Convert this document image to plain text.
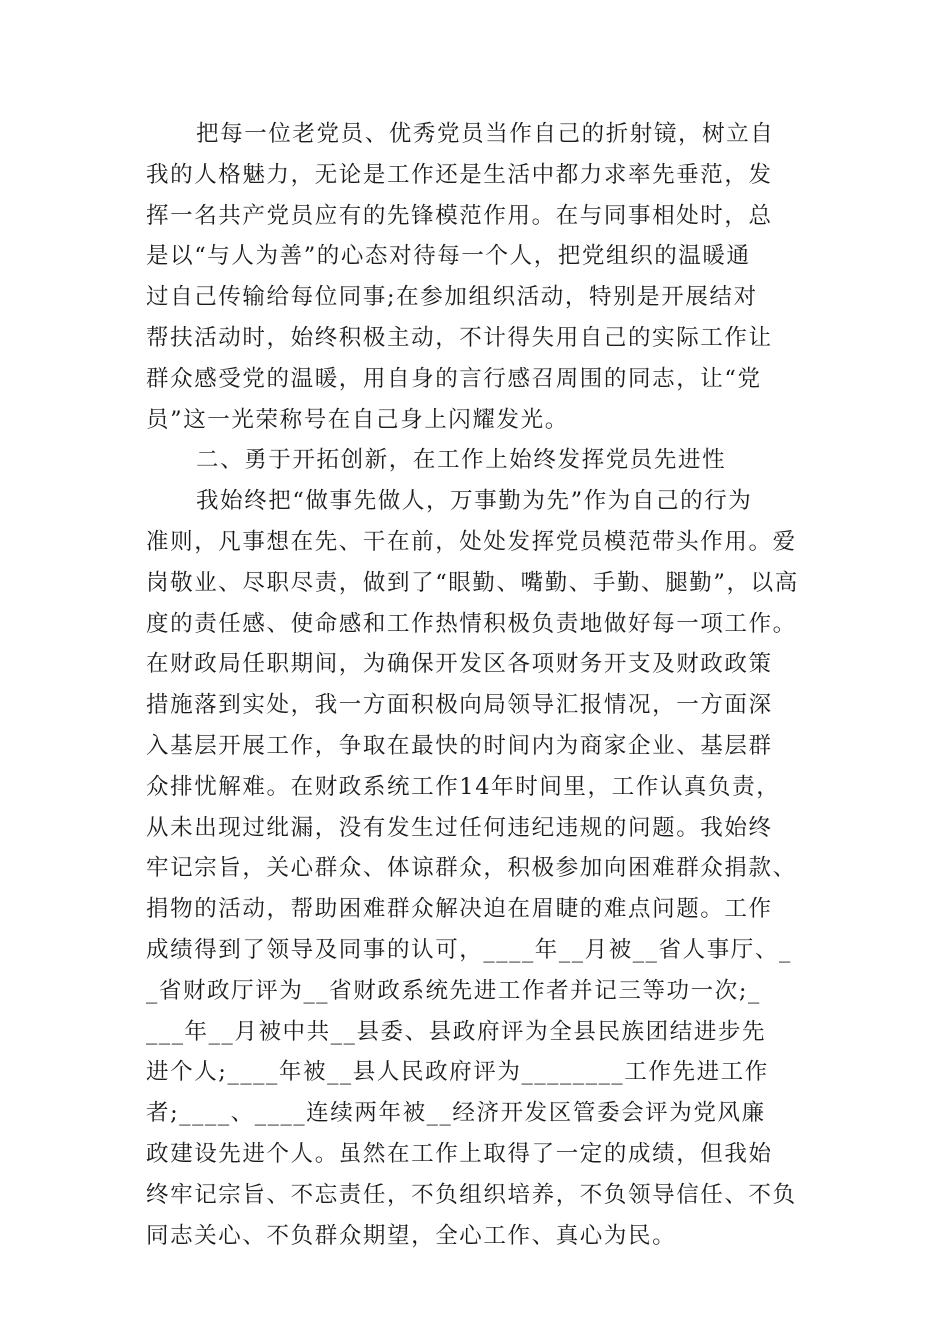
把每一位老党员、优秀党员当作自己的折射镜，树立自
我的人格魅力，无论是工作还是生活中都力求率先垂范，发
挥一名共产党员应有的先锋模范作用。在与同事相处时，总
是以“与人为善”的心态对待每一个人，把党组织的温暖通
过自己传输给每位同事;在参加组织活动，特别是开展结对
帮扶活动时，始终积极主动，不计得失用自己的实际工作让
群众感受党的温暖，用自身的言行感召周围的同志，让“党
员”这一光荣称号在自己身上闪耀发光。
二、勇于开拓创新，在工作上始终发挥党员先进性
我始终把“做事先做人，万事勤为先”作为自己的行为
准则，凡事想在先、干在前，处处发挥党员模范带头作用。爱
岗敬业、尽职尽责，做到了“眼勤、嘴勤、手勤、腿勤”，以高
度的责任感、使命感和工作热情积极负责地做好每一项工作。
在财政局任职期间，为确保开发区各项财务开支及财政政策
措施落到实处，我一方面积极向局领导汇报情况，一方面深
入基层开展工作，争取在最快的时间内为商家企业、基层群
众排忧解难。在财政系统工作14年时间里，工作认真负责，
从未出现过纰漏，没有发生过任何违纪违规的问题。我始终
牢记宗旨，关心群众、体谅群众，积极参加向困难群众捐款、
捐物的活动，帮助困难群众解决迫在眉睫的难点问题。工作
成绩得到了领导及同事的认可，____年__月被__省人事厅、_
_省财政厅评为__省财政系统先进工作者并记三等功一次;_
___年__月被中共__县委、县政府评为全县民族团结进步先
进个人;____年被__县人民政府评为________工作先进工作
者;____、____连续两年被__经济开发区管委会评为党风廉
政建设先进个人。虽然在工作上取得了一定的成绩，但我始
终牢记宗旨、不忘责任，不负组织培养，不负领导信任、不负
同志关心、不负群众期望，全心工作、真心为民。
